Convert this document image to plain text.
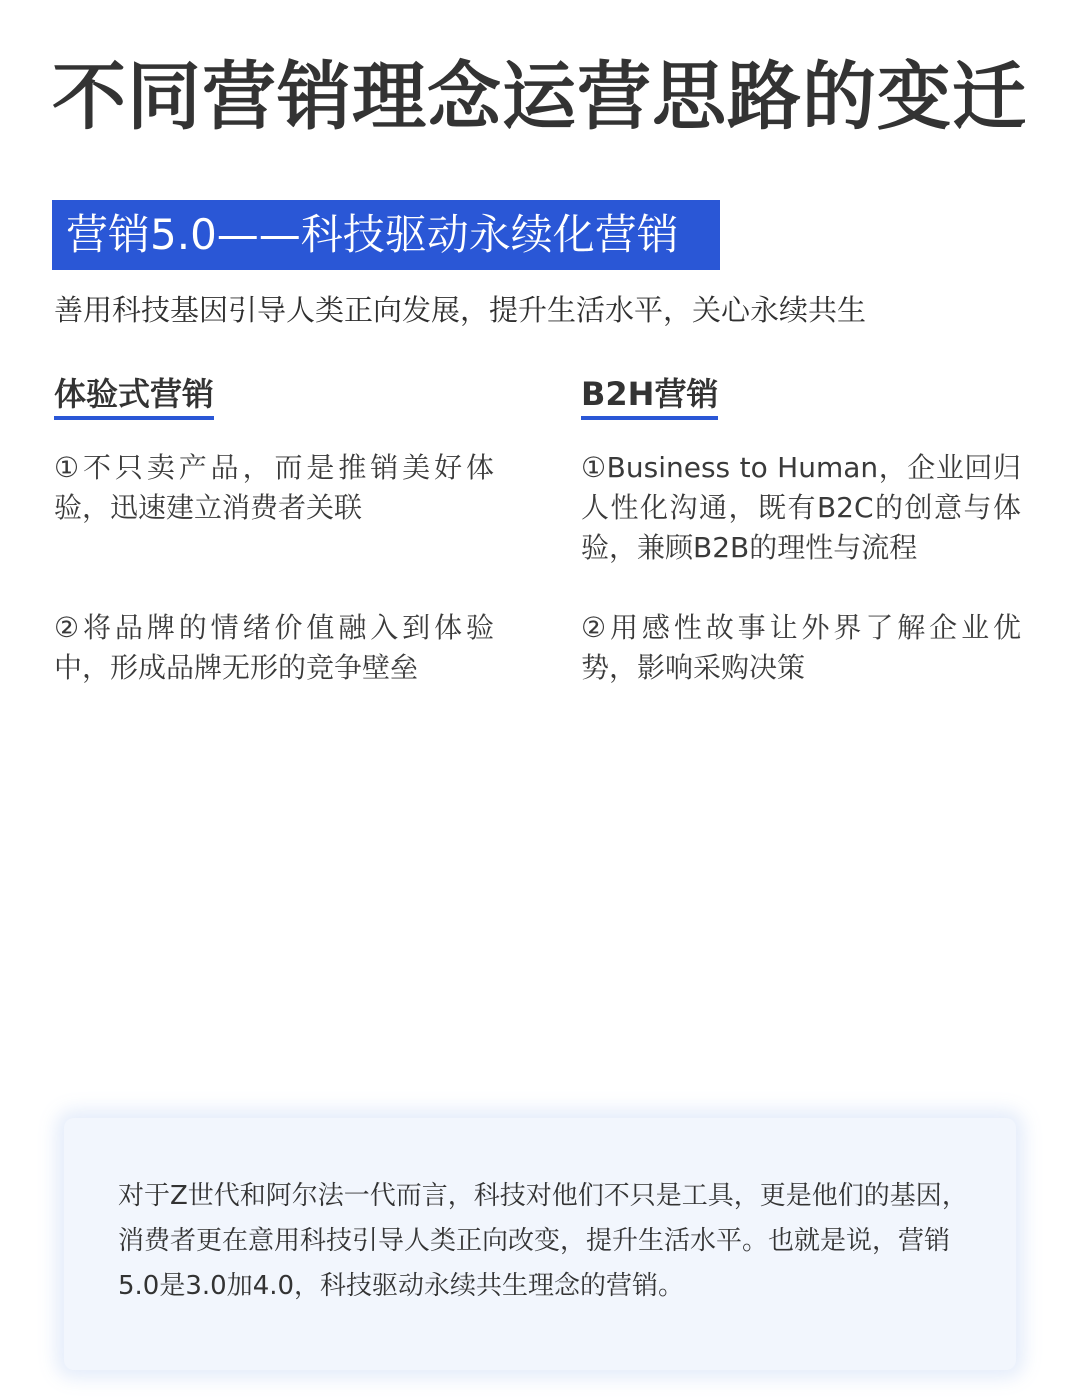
不同营销理念运营思路的变迁
营销5.0——科技驱动永续化营销

善用科技基因引导人类正向发展，提升生活水平，关心永续共生

体验式营销

①不只卖产品，而是推销美好体验，迅速建立消费者关联

②将品牌的情绪价值融入到体验中，形成品牌无形的竞争壁垒

B2H营销

①Business to Human，企业回归人性化沟通，既有B2C的创意与体验，兼顾B2B的理性与流程

②用感性故事让外界了解企业优势，影响采购决策

对于Z世代和阿尔法一代而言，科技对他们不只是工具，更是他们的基因，消费者更在意用科技引导人类正向改变，提升生活水平。也就是说，营销5.0是3.0加4.0，科技驱动永续共生理念的营销。
